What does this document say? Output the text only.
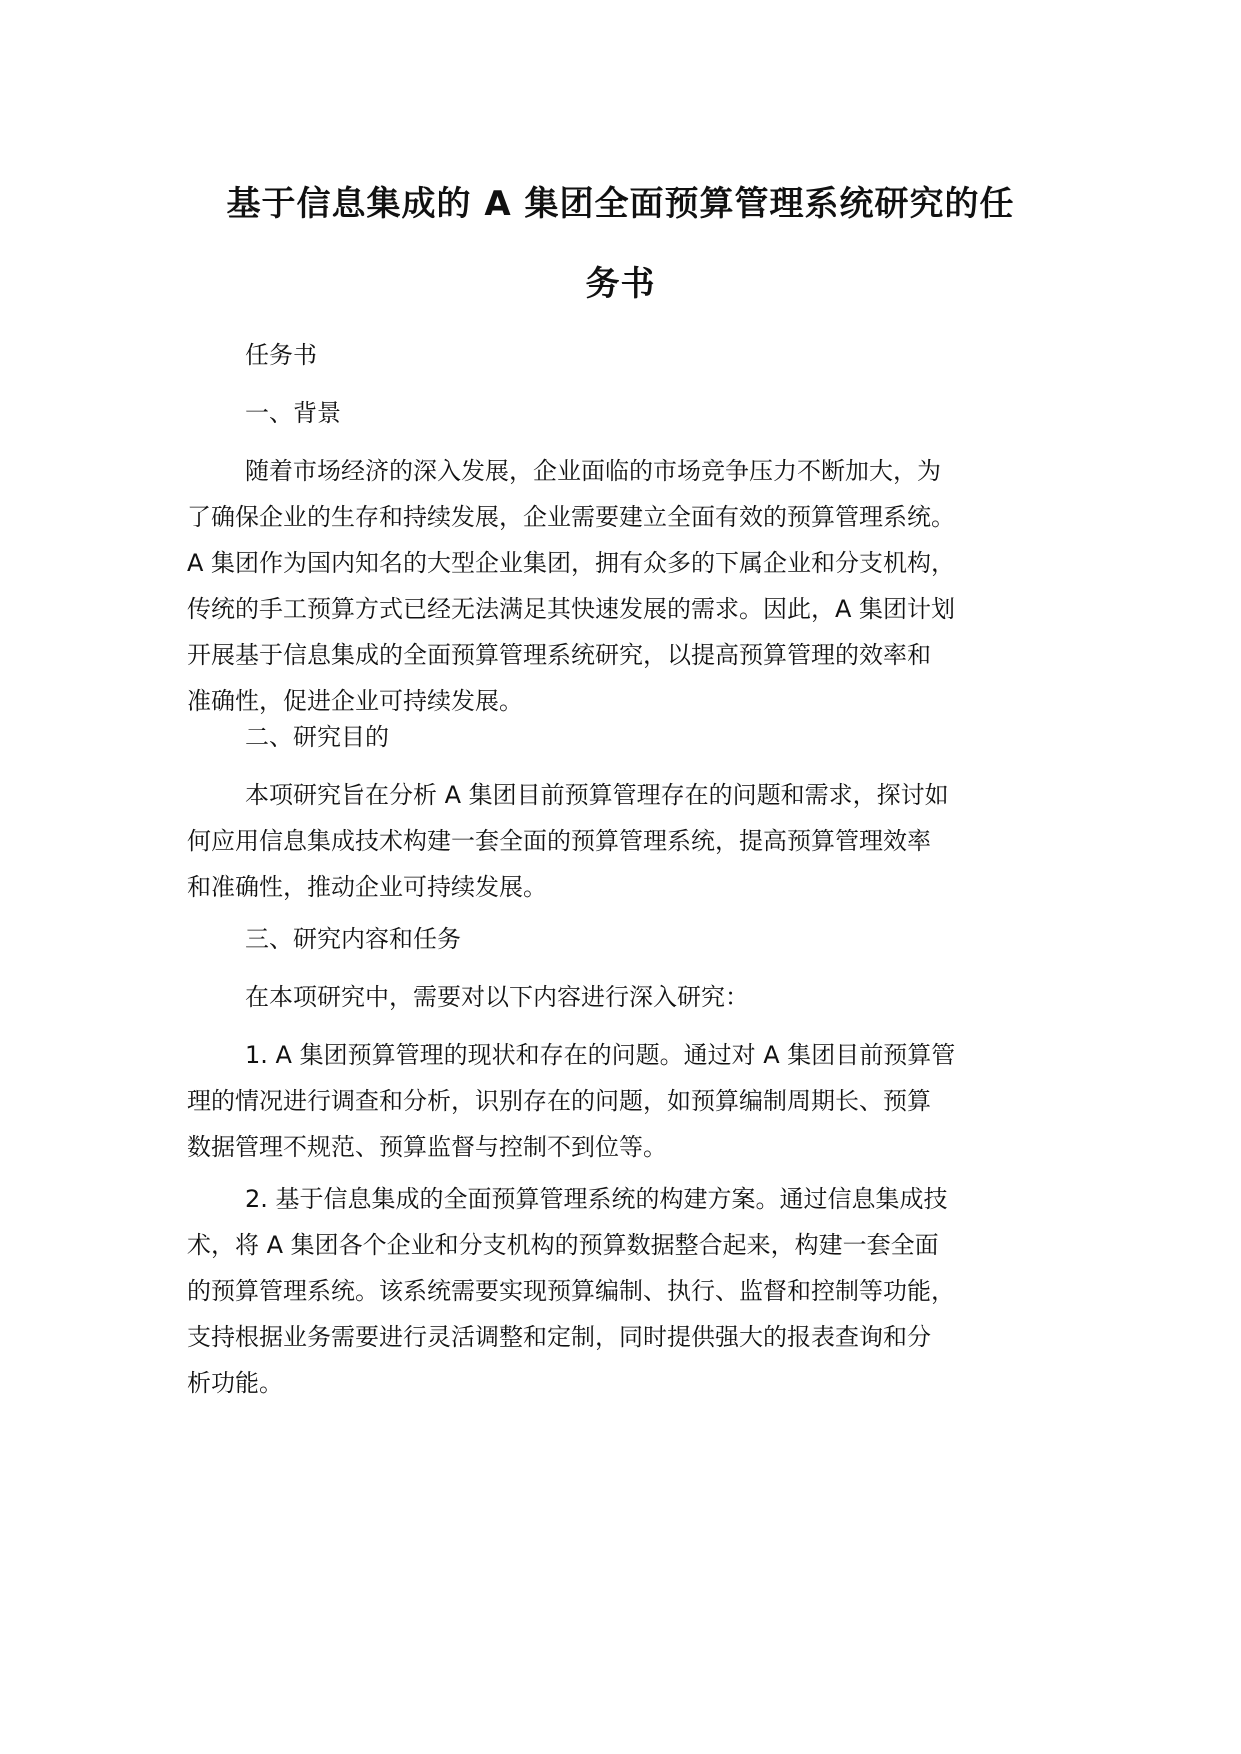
基于信息集成的 A 集团全面预算管理系统研究的任
务书
任务书
一、背景
随着市场经济的深入发展，企业面临的市场竞争压力不断加大，为
了确保企业的生存和持续发展，企业需要建立全面有效的预算管理系统。
A 集团作为国内知名的大型企业集团，拥有众多的下属企业和分支机构，
传统的手工预算方式已经无法满足其快速发展的需求。因此，A 集团计划
开展基于信息集成的全面预算管理系统研究，以提高预算管理的效率和
准确性，促进企业可持续发展。
二、研究目的
本项研究旨在分析 A 集团目前预算管理存在的问题和需求，探讨如
何应用信息集成技术构建一套全面的预算管理系统，提高预算管理效率
和准确性，推动企业可持续发展。
三、研究内容和任务
在本项研究中，需要对以下内容进行深入研究：
1. A 集团预算管理的现状和存在的问题。通过对 A 集团目前预算管
理的情况进行调查和分析，识别存在的问题，如预算编制周期长、预算
数据管理不规范、预算监督与控制不到位等。
2. 基于信息集成的全面预算管理系统的构建方案。通过信息集成技
术，将 A 集团各个企业和分支机构的预算数据整合起来，构建一套全面
的预算管理系统。该系统需要实现预算编制、执行、监督和控制等功能，
支持根据业务需要进行灵活调整和定制，同时提供强大的报表查询和分
析功能。
